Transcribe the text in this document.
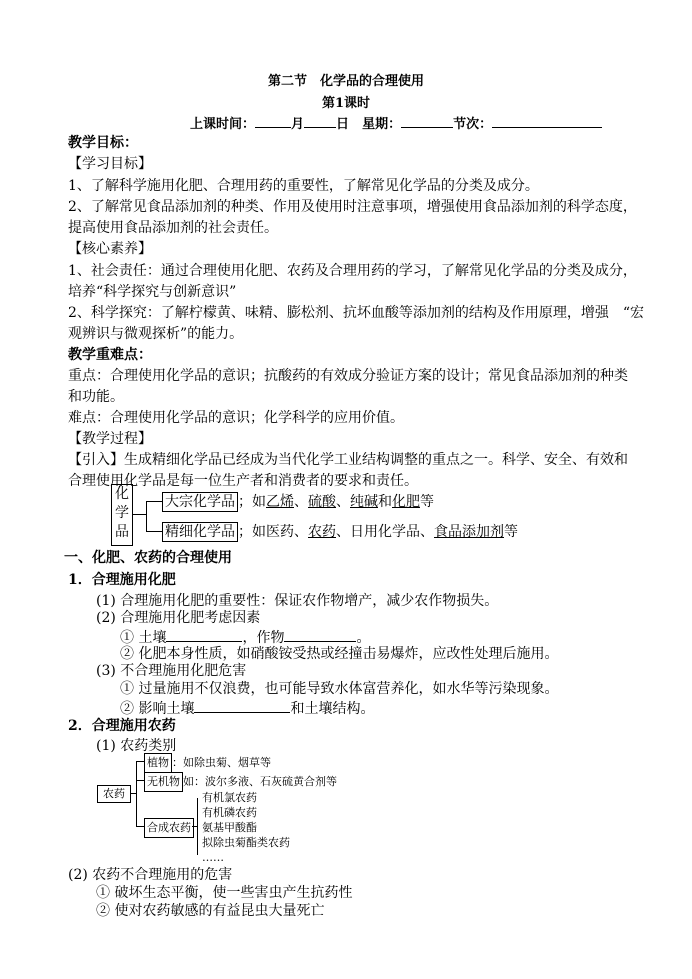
第二节　化学品的合理使用
第1课时
上课时间：	月 日　 星期：	节次：
教学目标：
【学习目标】
1、了解科学施用化肥、合理用药的重要性，了解常见化学品的分类及成分。
2、了解常见食品添加剂的种类、作用及使用时注意事项，增强使用食品添加剂的科学态度，
提高使用食品添加剂的社会责任。
【核心素养】
1、社会责任：通过合理使用化肥、农药及合理用药的学习，了解常见化学品的分类及成分，
培养“科学探究与创新意识”
2、科学探究：了解柠檬黄、味精、膨松剂、抗坏血酸等添加剂的结构及作用原理，增强　“宏
观辨识与微观探析”的能力。
教学重难点：
重点：合理使用化学品的意识；抗酸药的有效成分验证方案的设计；常见食品添加剂的种类
和功能。
难点：合理使用化学品的意识；化学科学的应用价值。
【教学过程】
【引入】生成精细化学品已经成为当代化学工业结构调整的重点之一。科学、安全、有效和
合理使用化学品是每一位生产者和消费者的要求和责任。
化
学
品
大宗化学品 ；如乙烯、硫酸、纯碱和化肥等
精细化学品 ；如医药、农药、日用化学品、食品添加剂等
一、化肥、农药的合理使用
1．合理施用化肥
(1) 合理施用化肥的重要性：保证农作物增产，减少农作物损失。
(2) 合理施用化肥考虑因素
① 土壤	，作物	。
② 化肥本身性质，如硝酸铵受热或经撞击易爆炸，应改性处理后施用。
(3) 不合理施用化肥危害
① 过量施用不仅浪费，也可能导致水体富营养化，如水华等污染现象。
② 影响土壤	和土壤结构。
2．合理施用农药
(1) 农药类别
农药
植物 ：如除虫菊、烟草等
无机物 如：波尔多液、石灰硫黄合剂等
合成农药
有机氯农药
有机磷农药
氨基甲酸酯
拟除虫菊酯类农药
……
(2) 农药不合理施用的危害
① 破坏生态平衡，使一些害虫产生抗药性
② 使对农药敏感的有益昆虫大量死亡
